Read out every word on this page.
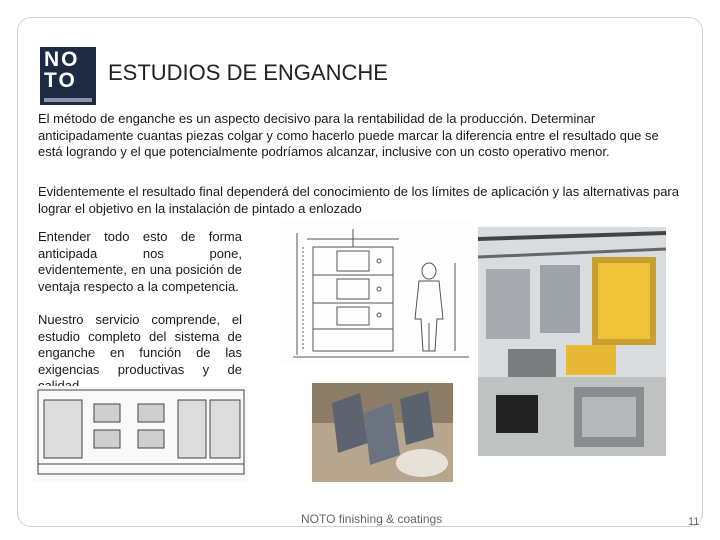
NO
TO	ESTUDIOS DE ENGANCHE
El método de enganche es un aspecto decisivo para la rentabilidad de la producción. Determinar anticipadamente cuantas piezas colgar y como hacerlo puede marcar la diferencia entre el resultado que se está logrando y el que potencialmente podríamos alcanzar, inclusive con un costo operativo menor.
Evidentemente el resultado final dependerá del conocimiento de los límites de aplicación y las alternativas para lograr el objetivo en la instalación de pintado a enlozado
Entender todo esto de forma anticipada nos pone, evidentemente, en una posición de ventaja respecto a la competencia.
Nuestro servicio comprende, el estudio completo del sistema de enganche en función de las exigencias productivas y de
NOTO finishing & coatings	11
